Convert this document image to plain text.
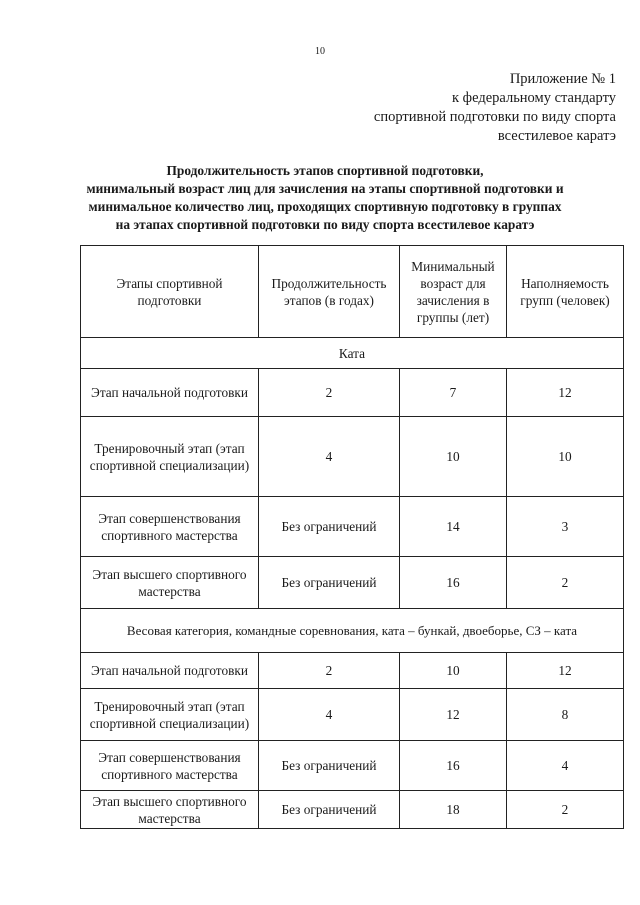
10
Приложение № 1
к федеральному стандарту
спортивной подготовки по виду спорта
всестилевое каратэ
Продолжительность этапов спортивной подготовки,
минимальный возраст лиц для зачисления на этапы спортивной подготовки и
минимальное количество лиц, проходящих спортивную подготовку в группах
на этапах спортивной подготовки по виду спорта всестилевое каратэ
Этапы спортивной подготовки	Продолжительность этапов (в годах)	Минимальный возраст для зачисления в группы (лет)	Наполняемость групп (человек)
Ката			
Этап начальной подготовки	2	7	12
Тренировочный этап (этап спортивной специализации)	4	10	10
Этап совершенствования спортивного мастерства	Без ограничений	14	3
Этап высшего спортивного мастерства	Без ограничений	16	2
Весовая категория, командные соревнования, ката – бункай, двоеборье, СЗ – ката			
Этап начальной подготовки	2	10	12
Тренировочный этап (этап спортивной специализации)	4	12	8
Этап совершенствования спортивного мастерства	Без ограничений	16	4
Этап высшего спортивного мастерства	Без ограничений	18	2
